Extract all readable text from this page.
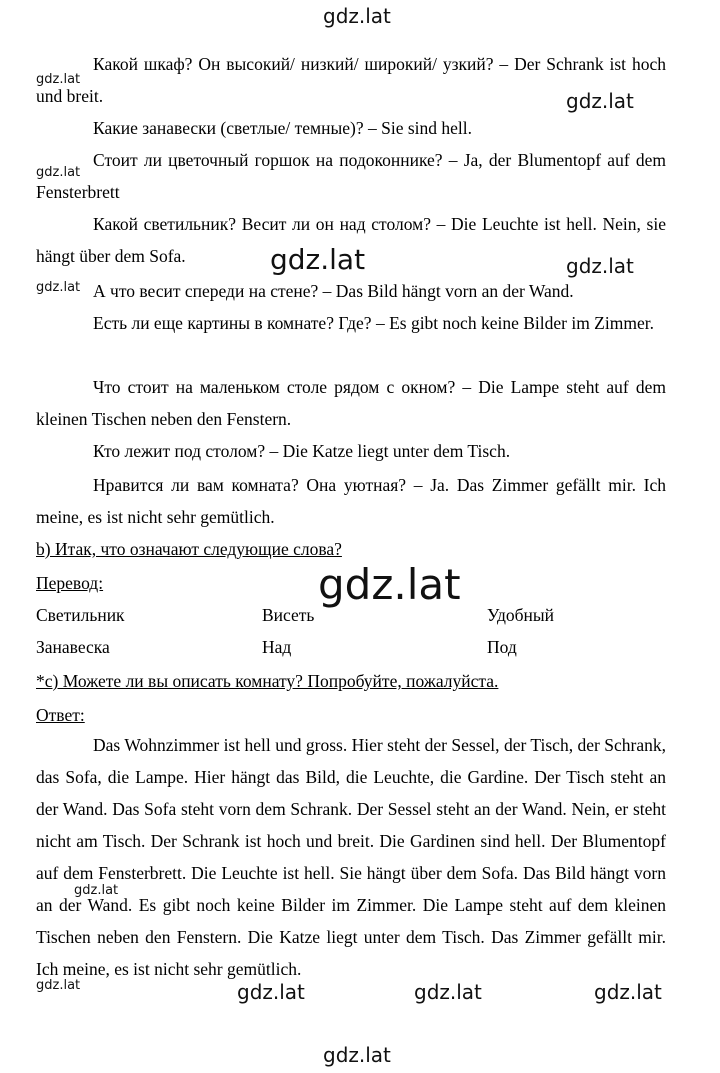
Какой шкаф? Он высокий/ низкий/ широкий/ узкий? – Der Schrank ist hoch und breit.
Какие занавески (светлые/ темные)? – Sie sind hell.
Стоит ли цветочный горшок на подоконнике? – Ja, der Blumentopf auf dem Fensterbrett
Какой светильник? Весит ли он над столом? – Die Leuchte ist hell. Nein, sie hängt über dem Sofa.
А что весит спереди на стене? – Das Bild hängt vorn an der Wand.
Есть ли еще картины в комнате? Где? – Es gibt noch keine Bilder im Zimmer.
Что стоит на маленьком столе рядом с окном? – Die Lampe steht auf dem kleinen Tischen neben den Fenstern.
Кто лежит под столом? – Die Katze liegt unter dem Tisch.
Нравится ли вам комната? Она уютная? – Ja. Das Zimmer gefällt mir. Ich meine, es ist nicht sehr gemütlich.
b) Итак, что означают следующие слова?
Перевод:
Светильник	Висеть	Удобный
Занавеска	Над	Под
*c) Можете ли вы описать комнату? Попробуйте, пожалуйста.
Ответ:
Das Wohnzimmer ist hell und gross. Hier steht der Sessel, der Tisch, der Schrank, das Sofa, die Lampe. Hier hängt das Bild, die Leuchte, die Gardine. Der Tisch steht an der Wand. Das Sofa steht vorn dem Schrank. Der Sessel steht an der Wand. Nein, er steht nicht am Tisch. Der Schrank ist hoch und breit. Die Gardinen sind hell. Der Blumentopf auf dem Fensterbrett. Die Leuchte ist hell. Sie hängt über dem Sofa. Das Bild hängt vorn an der Wand. Es gibt noch keine Bilder im Zimmer. Die Lampe steht auf dem kleinen Tischen neben den Fenstern. Die Katze liegt unter dem Tisch. Das Zimmer gefällt mir. Ich meine, es ist nicht sehr gemütlich.
gdz.lat
gdz.lat
gdz.lat
gdz.lat
gdz.lat	gdz.lat
gdz.lat
gdz.lat
gdz.lat
gdz.lat	gdz.lat	gdz.lat	gdz.lat
gdz.lat
